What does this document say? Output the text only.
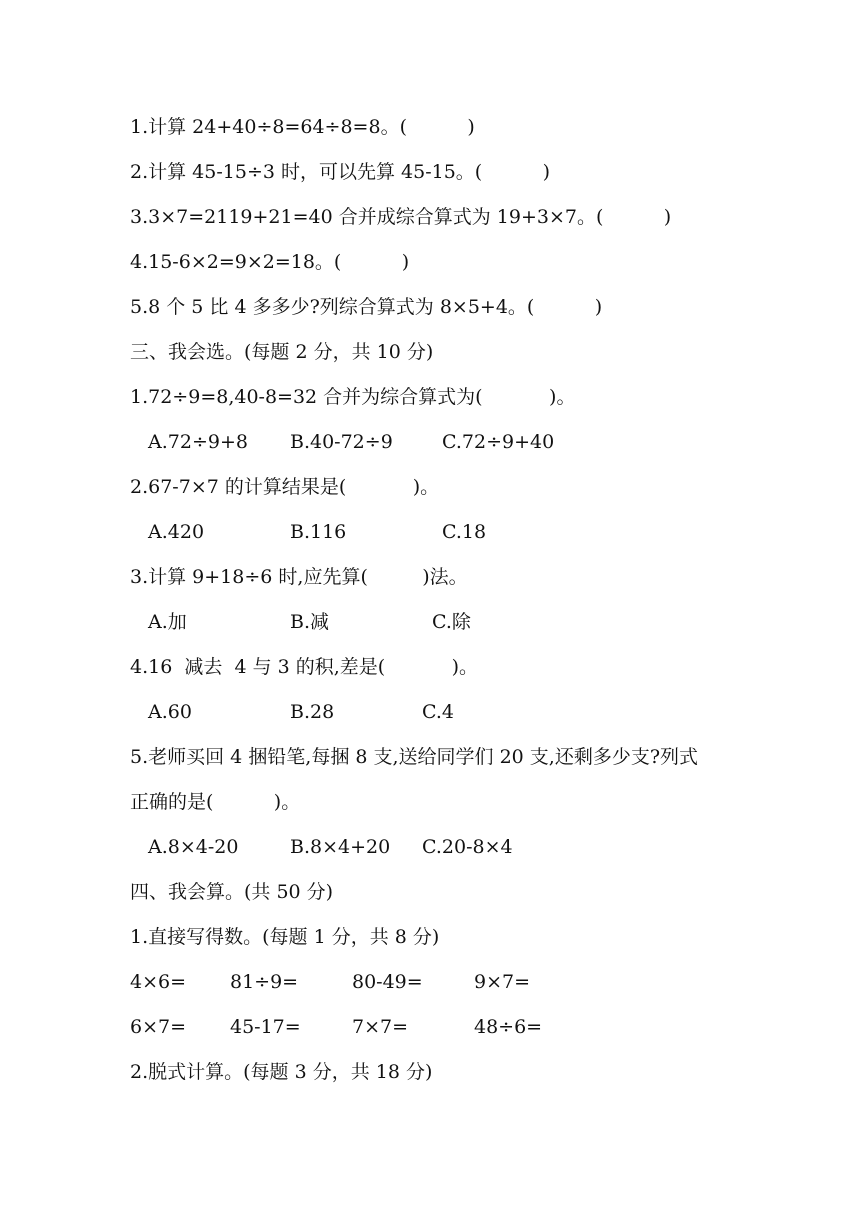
1.计算 24+40÷8=64÷8=8。(          )
2.计算 45-15÷3 时，可以先算 45-15。(          )
3.3×7=2119+21=40 合并成综合算式为 19+3×7。(          )
4.15-6×2=9×2=18。(          )
5.8 个 5 比 4 多多少?列综合算式为 8×5+4。(          )
三、我会选。(每题 2 分，共 10 分)
1.72÷9=8,40-8=32 合并为综合算式为(           )。
A.72÷9+8 B.40-72÷9	C.72÷9+40
2.67-7×7 的计算结果是(           )。
A.420	B.116	C.18
3.计算 9+18÷6 时,应先算(         )法。
A.加	B.减	C.除
4.16  减去  4 与 3 的积,差是(           )。
A.60	B.28	C.4
5.老师买回 4 捆铅笔,每捆 8 支,送给同学们 20 支,还剩多少支?列式
正确的是(          )。
A.8×4-20	B.8×4+20 C.20-8×4
四、我会算。(共 50 分)
1.直接写得数。(每题 1 分，共 8 分)
4×6= 81÷9=	80-49=	9×7=
6×7= 45-17=	7×7=	48÷6=
2.脱式计算。(每题 3 分，共 18 分)
